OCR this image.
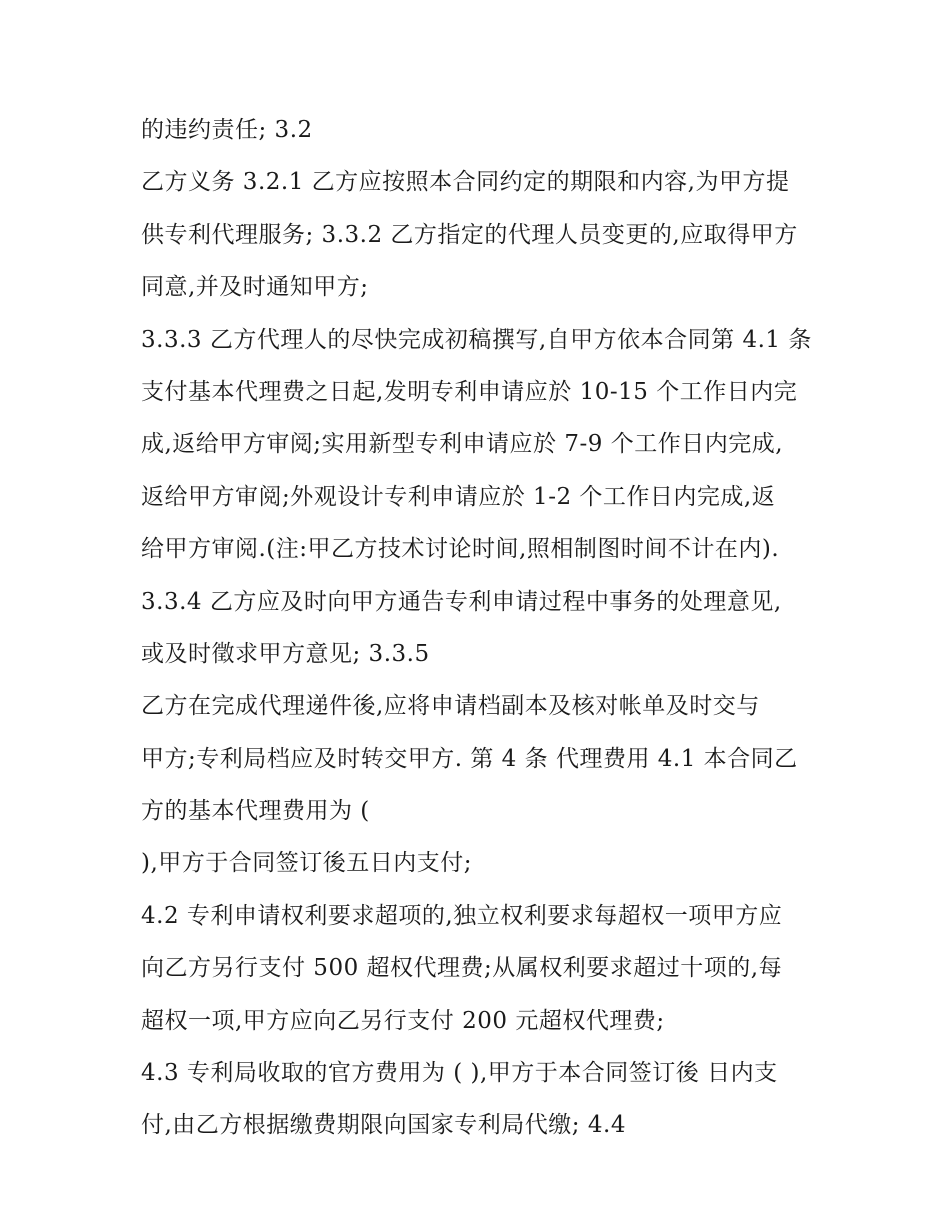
的违约责任; 3.2
乙方义务 3.2.1 乙方应按照本合同约定的期限和内容,为甲方提
供专利代理服务; 3.3.2 乙方指定的代理人员变更的,应取得甲方
同意,并及时通知甲方;
3.3.3 乙方代理人的尽快完成初稿撰写,自甲方依本合同第 4.1 条
支付基本代理费之日起,发明专利申请应於 10-15 个工作日内完
成,返给甲方审阅;实用新型专利申请应於 7-9 个工作日内完成,
返给甲方审阅;外观设计专利申请应於 1-2 个工作日内完成,返
给甲方审阅.(注:甲乙方技术讨论时间,照相制图时间不计在内).
3.3.4 乙方应及时向甲方通告专利申请过程中事务的处理意见,
或及时徵求甲方意见; 3.3.5
乙方在完成代理递件後,应将申请档副本及核对帐单及时交与
甲方;专利局档应及时转交甲方. 第 4 条 代理费用 4.1 本合同乙
方的基本代理费用为 (
),甲方于合同签订後五日内支付;
4.2 专利申请权利要求超项的,独立权利要求每超权一项甲方应
向乙方另行支付 500 超权代理费;从属权利要求超过十项的,每
超权一项,甲方应向乙另行支付 200 元超权代理费;
4.3 专利局收取的官方费用为 ( ),甲方于本合同签订後 日内支
付,由乙方根据缴费期限向国家专利局代缴; 4.4
